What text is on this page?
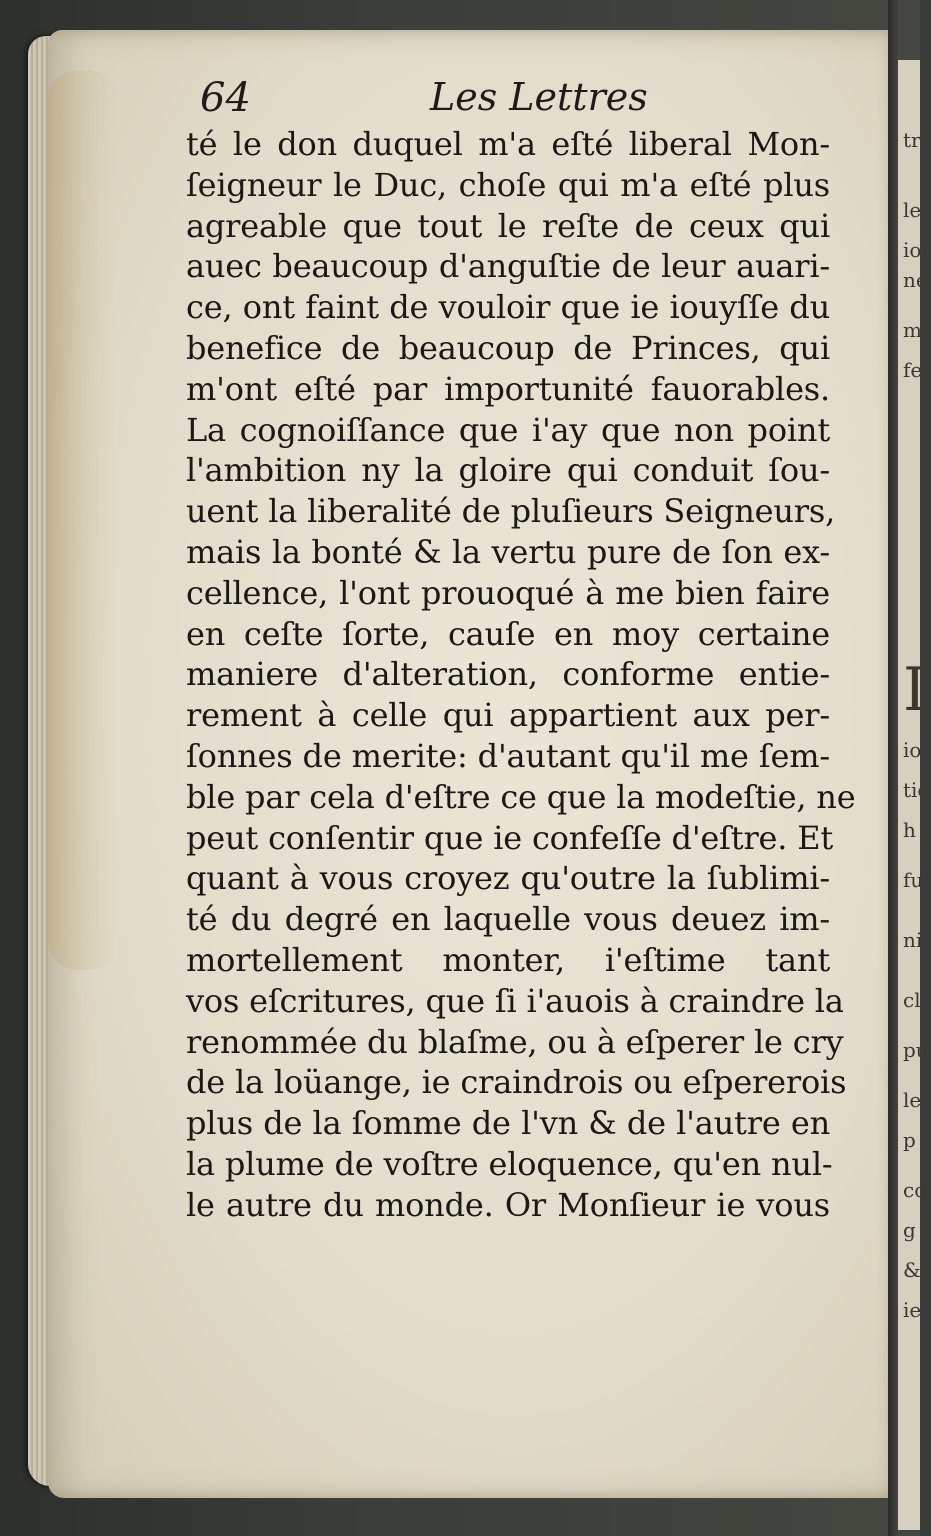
tr
le
ior
ne
m
fe
I
io
tio
h
fu
ni
cl
pu
le
p
co
g
&
ie

64	Les Lettres

té le don duquel m'a eſté liberal Mon-
ſeigneur le Duc, choſe qui m'a eſté plus
agreable que tout le reſte de ceux qui
auec beaucoup d'anguſtie de leur auari-
ce, ont faint de vouloir que ie iouyſſe du
benefice de beaucoup de Princes, qui
m'ont eſté par importunité fauorables.
La cognoiſſance que i'ay que non point
l'ambition ny la gloire qui conduit ſou-
uent la liberalité de pluſieurs Seigneurs,
mais la bonté & la vertu pure de ſon ex-
cellence, l'ont prouoqué à me bien faire
en ceſte ſorte, cauſe en moy certaine
maniere d'alteration, conforme entie-
rement à celle qui appartient aux per-
ſonnes de merite: d'autant qu'il me ſem-
ble par cela d'eſtre ce que la modeſtie, ne
peut conſentir que ie confeſſe d'eſtre. Et
quant à vous croyez qu'outre la ſublimi-
té du degré en laquelle vous deuez im-
mortellement monter, i'eſtime tant
vos eſcritures, que ſi i'auois à craindre la
renommée du blaſme, ou à eſperer le cry
de la loüange, ie craindrois ou eſpererois
plus de la ſomme de l'vn & de l'autre en
la plume de voſtre eloquence, qu'en nul-
le autre du monde. Or Monſieur ie vous
